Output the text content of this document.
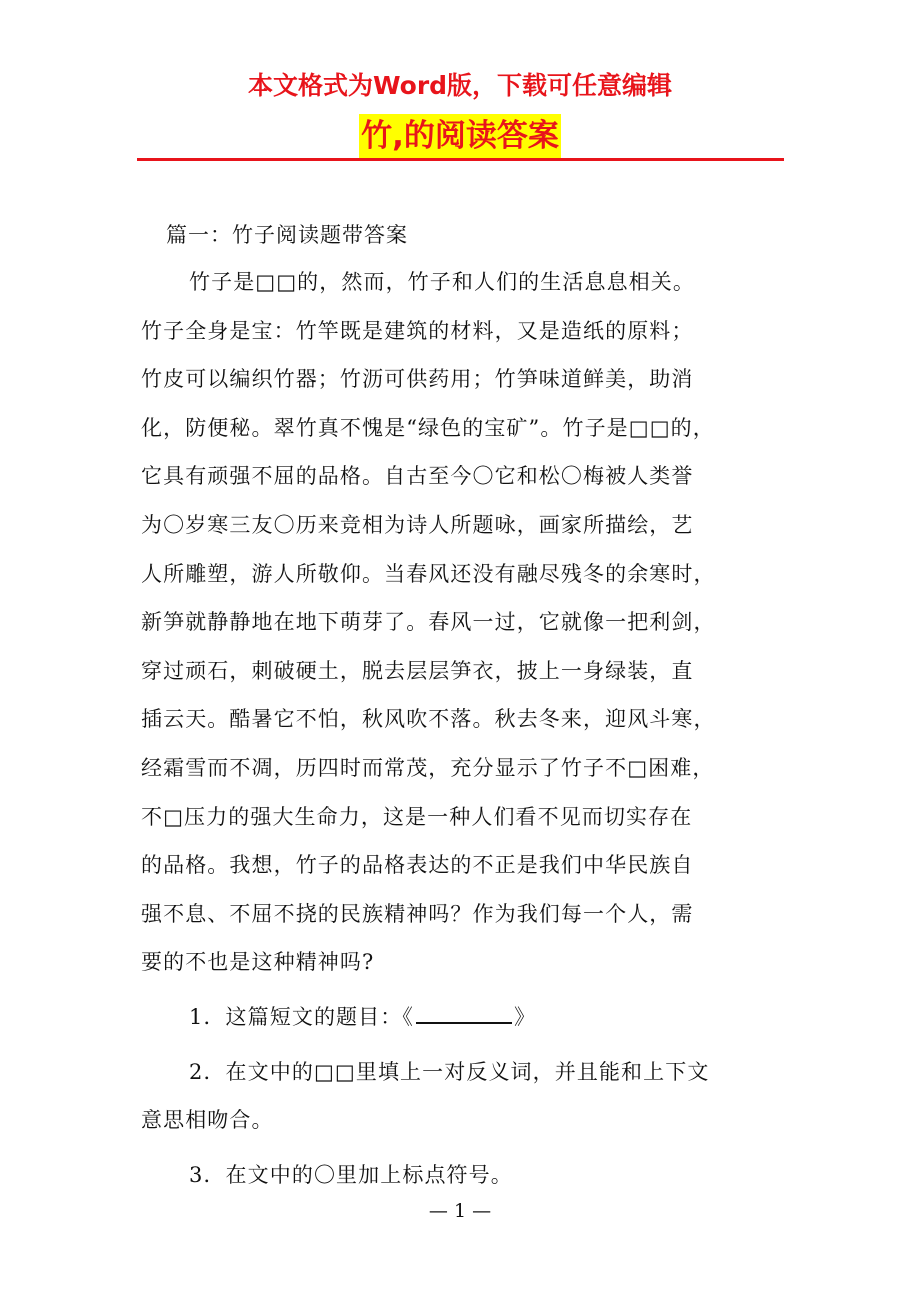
本文格式为Word版，下载可任意编辑
竹,的阅读答案
篇一：竹子阅读题带答案
竹子是□□的，然而，竹子和人们的生活息息相关。
竹子全身是宝：竹竿既是建筑的材料，又是造纸的原料；
竹皮可以编织竹器；竹沥可供药用；竹笋味道鲜美，助消
化，防便秘。翠竹真不愧是“绿色的宝矿”。竹子是□□的，
它具有顽强不屈的品格。自古至今〇它和松〇梅被人类誉
为〇岁寒三友〇历来竞相为诗人所题咏，画家所描绘，艺
人所雕塑，游人所敬仰。当春风还没有融尽残冬的余寒时，
新笋就静静地在地下萌芽了。春风一过，它就像一把利剑，
穿过顽石，刺破硬土，脱去层层笋衣，披上一身绿装，直
插云天。酷暑它不怕，秋风吹不落。秋去冬来，迎风斗寒，
经霜雪而不凋，历四时而常茂，充分显示了竹子不□困难，
不□压力的强大生命力，这是一种人们看不见而切实存在
的品格。我想，竹子的品格表达的不正是我们中华民族自
强不息、不屈不挠的民族精神吗？作为我们每一个人，需
要的不也是这种精神吗?
1．这篇短文的题目：《	》
2．在文中的□□里填上一对反义词，并且能和上下文
意思相吻合。
3．在文中的〇里加上标点符号。
— 1 —
